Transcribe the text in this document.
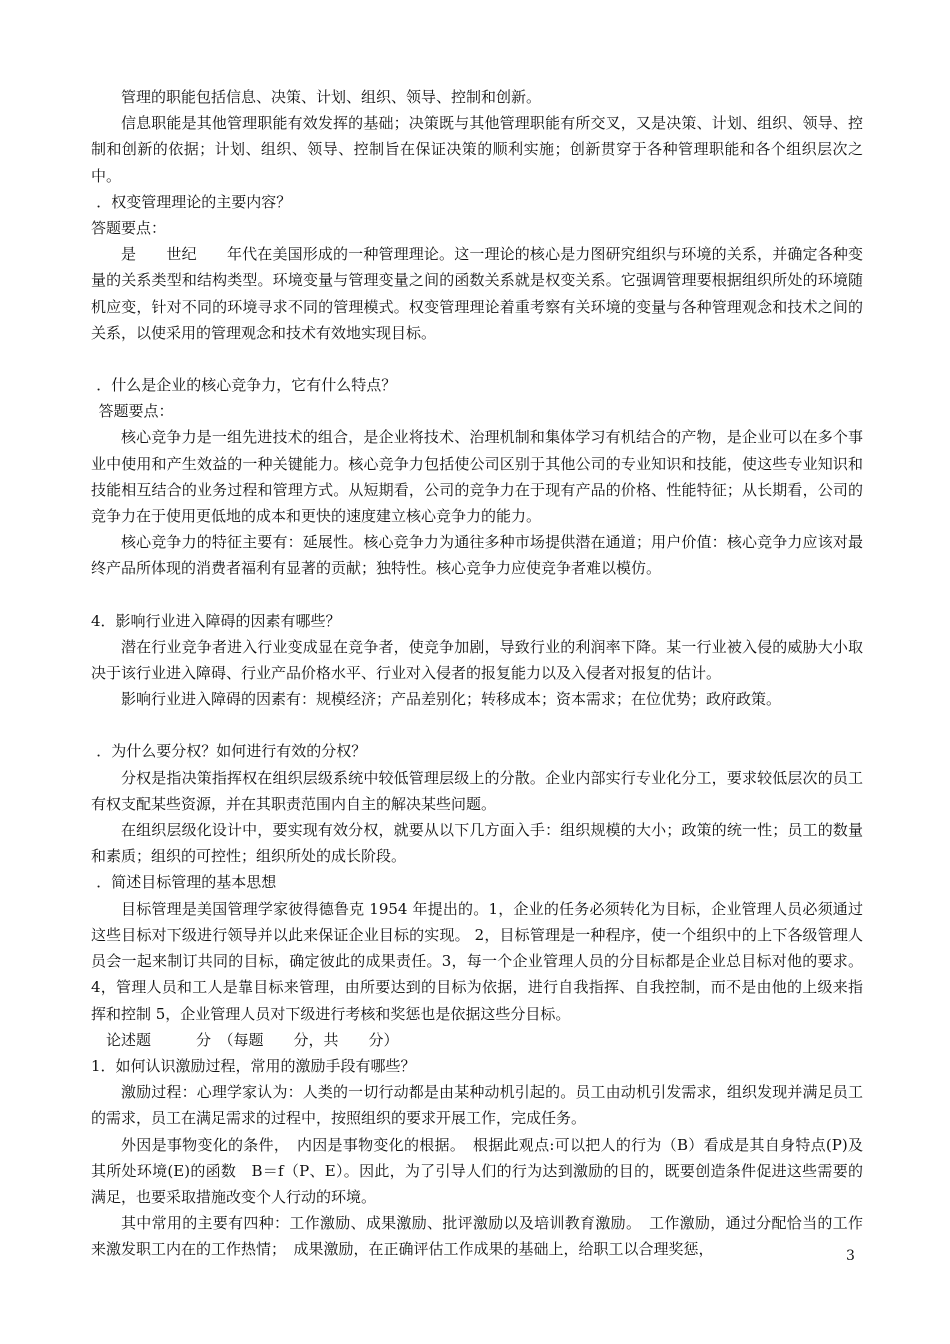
管理的职能包括信息、决策、计划、组织、领导、控制和创新。

信息职能是其他管理职能有效发挥的基础；决策既与其他管理职能有所交叉，又是决策、计划、组织、领导、控制和创新的依据；计划、组织、领导、控制旨在保证决策的顺利实施；创新贯穿于各种管理职能和各个组织层次之中。

．权变管理理论的主要内容？

答题要点：

是　　世纪　　年代在美国形成的一种管理理论。这一理论的核心是力图研究组织与环境的关系，并确定各种变量的关系类型和结构类型。环境变量与管理变量之间的函数关系就是权变关系。它强调管理要根据组织所处的环境随机应变，针对不同的环境寻求不同的管理模式。权变管理理论着重考察有关环境的变量与各种管理观念和技术之间的关系，以使采用的管理观念和技术有效地实现目标。

．什么是企业的核心竞争力，它有什么特点？

答题要点：

核心竞争力是一组先进技术的组合，是企业将技术、治理机制和集体学习有机结合的产物，是企业可以在多个事业中使用和产生效益的一种关键能力。核心竞争力包括使公司区别于其他公司的专业知识和技能，使这些专业知识和技能相互结合的业务过程和管理方式。从短期看，公司的竞争力在于现有产品的价格、性能特征；从长期看，公司的竞争力在于使用更低地的成本和更快的速度建立核心竞争力的能力。

核心竞争力的特征主要有：延展性。核心竞争力为通往多种市场提供潜在通道；用户价值：核心竞争力应该对最终产品所体现的消费者福利有显著的贡献；独特性。核心竞争力应使竞争者难以模仿。

4．影响行业进入障碍的因素有哪些？

潜在行业竞争者进入行业变成显在竞争者，使竞争加剧，导致行业的利润率下降。某一行业被入侵的威胁大小取决于该行业进入障碍、行业产品价格水平、行业对入侵者的报复能力以及入侵者对报复的估计。

影响行业进入障碍的因素有：规模经济；产品差别化；转移成本；资本需求；在位优势；政府政策。

．为什么要分权？如何进行有效的分权？

分权是指决策指挥权在组织层级系统中较低管理层级上的分散。企业内部实行专业化分工，要求较低层次的员工有权支配某些资源，并在其职责范围内自主的解决某些问题。

在组织层级化设计中，要实现有效分权，就要从以下几方面入手：组织规模的大小；政策的统一性；员工的数量和素质；组织的可控性；组织所处的成长阶段。

．简述目标管理的基本思想

目标管理是美国管理学家彼得德鲁克 1954 年提出的。1，企业的任务必须转化为目标，企业管理人员必须通过这些目标对下级进行领导并以此来保证企业目标的实现。 2，目标管理是一种程序，使一个组织中的上下各级管理人员会一起来制订共同的目标，确定彼此的成果责任。3，每一个企业管理人员的分目标都是企业总目标对他的要求。 4，管理人员和工人是靠目标来管理，由所要达到的目标为依据，进行自我指挥、自我控制，而不是由他的上级来指挥和控制 5，企业管理人员对下级进行考核和奖惩也是依据这些分目标。

　论述题　　　分　（每题　　分，共　　分）

1．如何认识激励过程，常用的激励手段有哪些？

激励过程：心理学家认为：人类的一切行动都是由某种动机引起的。员工由动机引发需求，组织发现并满足员工的需求，员工在满足需求的过程中，按照组织的要求开展工作，完成任务。

外因是事物变化的条件，　内因是事物变化的根据。　根据此观点:可以把人的行为（B）看成是其自身特点(P)及其所处环境(E)的函数　B＝f（P、E）。因此，为了引导人们的行为达到激励的目的，既要创造条件促进这些需要的满足，也要采取措施改变个人行动的环境。

其中常用的主要有四种：工作激励、成果激励、批评激励以及培训教育激励。　工作激励，通过分配恰当的工作来激发职工内在的工作热情；　成果激励，在正确评估工作成果的基础上，给职工以合理奖惩，	3
